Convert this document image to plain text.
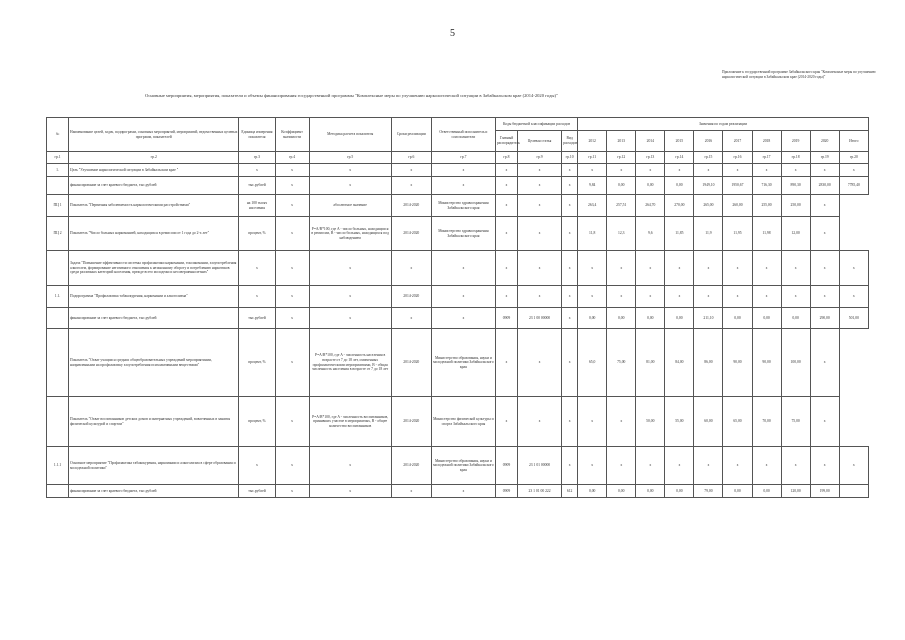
5
Приложение к государственной программе Забайкальского края "Комплексные меры по улучшению наркологической ситуации в Забайкальском крае (2014-2020 годы)"
Основные мероприятия, мероприятия, показатели и объемы финансирования государственной программы "Комплексные меры по улучшению наркологической ситуации в Забайкальском крае (2014-2020 годы)"
№	Наименование целей, задач, подпрограмм, основных мероприятий, мероприятий, ведомственных целевых программ, показателей	Единица измерения показателя	Коэффициент значимости	Методика расчета показателя	Сроки реализации	Ответственный исполнитель и соисполнители	Коды бюджетной классификации расходов			Значения по годам реализации									
							Главный распорядитель	Целевая статья	Вид расходов	2012	2013	2014	2015	2016	2017	2018	2019	2020	Итого
гр.1	гр.2	гр.3	гр.4	гр.5	гр.6	гр.7	гр.8	гр.9	гр.10	гр.11	гр.12	гр.13	гр.14	гр.15	гр.16	гр.17	гр.18	гр.19	гр.20
1.	Цель "Улучшение наркологической ситуации в Забайкальском крае "	х	х	х	х	х	х	х	х	х	х	х	х	х	х	х	х	х	х
	финансирование за счет краевого бюджета, тыс.рублей	тыс.рублей	х	х	х	х	х	х	х	9,84	0,00	0,00	0,00	1949,10	1950,67	716,30	890,30	2830,00	7785,40
ПЦ 1	Показатель "Первичная заболеваемость наркологическими расстройствами"	на 100 тысяч населения	х	абсолютное значение	2014-2020	Министерство здравоохранения Забайкальского края	х	х	х	263,4	257,51	264,70	270,00	265,00	260,00	255,00	250,00	х	
ПЦ 2	Показатель "Число больных наркоманией, находящихся в ремиссии от 1 года до 2-х лет"	процент, %	х	P=A/B*100, где A - число больных, находящихся в ремиссии, B - число больных, находящихся под наблюдением	2014-2020	Министерство здравоохранения Забайкальского края	х	х	х	11,8	12,3	9,6	11,85	11,9	11,95	11,98	12,00	х	
	Задача "Повышение эффективности системы профилактики наркомании, токсикомании, злоупотребления алкоголем, формирование негативного отношения к незаконному обороту и потреблению наркотиков среди различных категорий населения, прежде всего молодежи и несовершеннолетних"	х	х	х	х	х	х	х	х	х	х	х	х	х	х	х	х	х	х
1.1.	Подпрограмма "Профилактика табакокурения, наркомании и алкоголизма"	х	х	х	2014-2020	х	х	х	х	х	х	х	х	х	х	х	х	х	х
	финансирование за счет краевого бюджета, тыс.рублей	тыс.рублей	х	х	х	х	0909	23 1 00 00000	х	0,00	0,00	0,00	0,00	211,10	0,00	0,00	0,00	290,00	501,00
	Показатель "Охват учащихся средних общеобразовательных учреждений мероприятиями, направленными на профилактику злоупотребления психоактивными веществами"	процент, %	х	P=A/B*100, где A - численность населения в возрасте от 7 до 18 лет, охваченных профилактическими мероприятиями, B - общая численность населения в возрасте от 7 до 18 лет	2014-2020	Министерство образования, науки и молодежной политики Забайкальского края	х	х	х	65,0	75,00	81,00	84,00	86,00	90,00	90,00	100,00	х	
	Показатель "Охват воспитанников детских домов и интернатных учреждений, вовлеченных в занятия физической культурой и спортом"	процент, %	х	P=A/B*100, где A - численность воспитанников, принявших участие в мероприятиях, B - общее количество воспитанников	2014-2020	Министерство физической культуры и спорта Забайкальского края	х	х	х	х	х	50,00	55,00	60,00	65,00	70,00	75,00	х	
1.1.1	Основное мероприятие "Профилактика табакокурения, наркомании и алкоголизма в сфере образования и молодежной политики"	х	х	х	2014-2020	Министерство образования, науки и молодежной политики Забайкальского края	0909	23 1 01 00000	х	х	х	х	х	х	х	х	х	х	х
	финансирование за счет краевого бюджета, тыс.рублей	тыс.рублей	х	х	х	х	0909	23 1 01 00 222	612	0,00	0,00	0,00	0,00	79,00	0,00	0,00	120,00	199,00	
